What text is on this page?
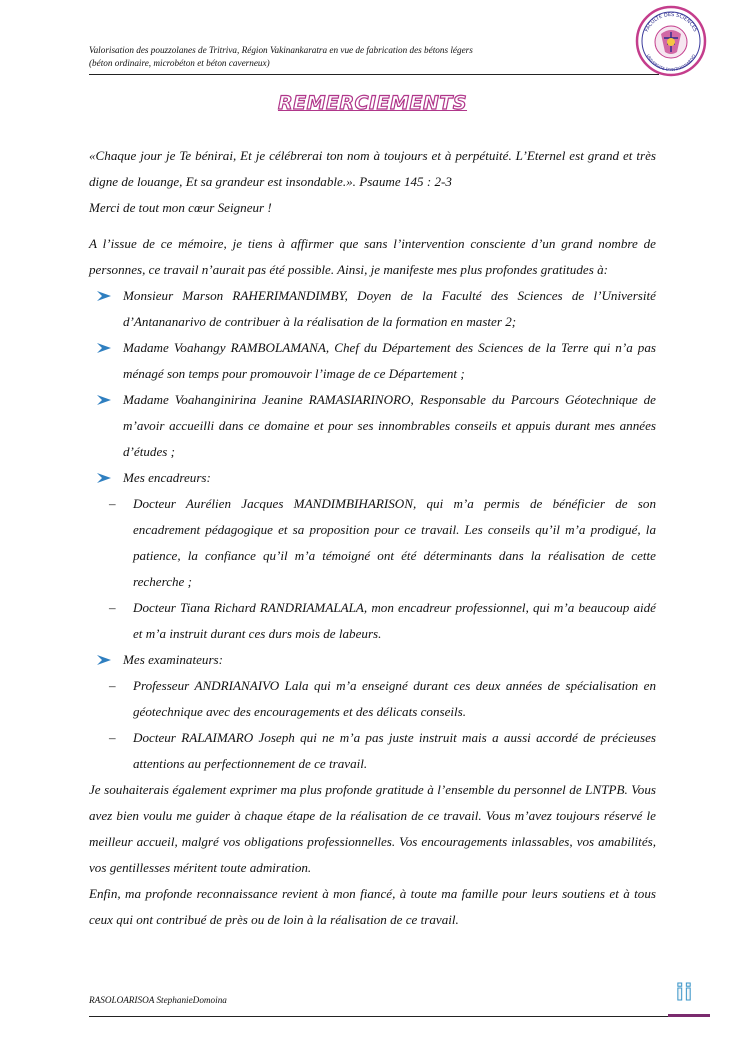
Valorisation des pouzzolanes de Tritriva, Région Vakinankaratra en vue de fabrication des bétons légers
(béton ordinaire, microbéton et béton caverneux)
FACULTE DES SCIENCES
UNIVERSITE D'ANTANANARIVO
REMERCIEMENTS

«Chaque jour je Te bénirai, Et je célébrerai ton nom à toujours et à perpétuité. L’Eternel est grand et très digne de louange, Et sa grandeur est insondable.». Psaume 145 : 2-3

Merci de tout mon cœur Seigneur !

A l’issue de ce mémoire, je tiens à affirmer que sans l’intervention consciente d’un grand nombre de personnes, ce travail n’aurait pas été possible. Ainsi, je manifeste mes plus profondes gratitudes à:

Monsieur Marson RAHERIMANDIMBY, Doyen de la Faculté des Sciences de l’Université d’Antananarivo de contribuer à la réalisation de la formation en master 2;
Madame Voahangy RAMBOLAMANA, Chef du Département des Sciences de la Terre qui n’a pas ménagé son temps pour promouvoir l’image de ce Département ;
Madame Voahanginirina Jeanine RAMASIARINORO, Responsable du Parcours Géotechnique de m’avoir accueilli dans ce domaine et pour ses innombrables conseils et appuis durant mes années d’études ;
Mes encadreurs:
– Docteur Aurélien Jacques MANDIMBIHARISON, qui m’a permis de bénéficier de son encadrement pédagogique et sa proposition pour ce travail. Les conseils qu’il m’a prodigué, la patience, la confiance qu’il m’a témoigné ont été déterminants dans la réalisation de cette recherche ;
– Docteur Tiana Richard RANDRIAMALALA, mon encadreur professionnel, qui m’a beaucoup aidé et m’a instruit durant ces durs mois de labeurs.
Mes examinateurs:
– Professeur ANDRIANAIVO Lala qui m’a enseigné durant ces deux années de spécialisation en géotechnique avec des encouragements et des délicats conseils.
– Docteur RALAIMARO Joseph qui ne m’a pas juste instruit mais a aussi accordé de précieuses attentions au perfectionnement de ce travail.

Je souhaiterais également exprimer ma plus profonde gratitude à l’ensemble du personnel de LNTPB. Vous avez bien voulu me guider à chaque étape de la réalisation de ce travail. Vous m’avez toujours réservé le meilleur accueil, malgré vos obligations professionnelles. Vos encouragements inlassables, vos amabilités, vos gentillesses méritent toute admiration.

Enfin, ma profonde reconnaissance revient à mon fiancé, à toute ma famille pour leurs soutiens et à tous ceux qui ont contribué de près ou de loin à la réalisation de ce travail.

RASOLOARISOA StephanieDomoina	ii
